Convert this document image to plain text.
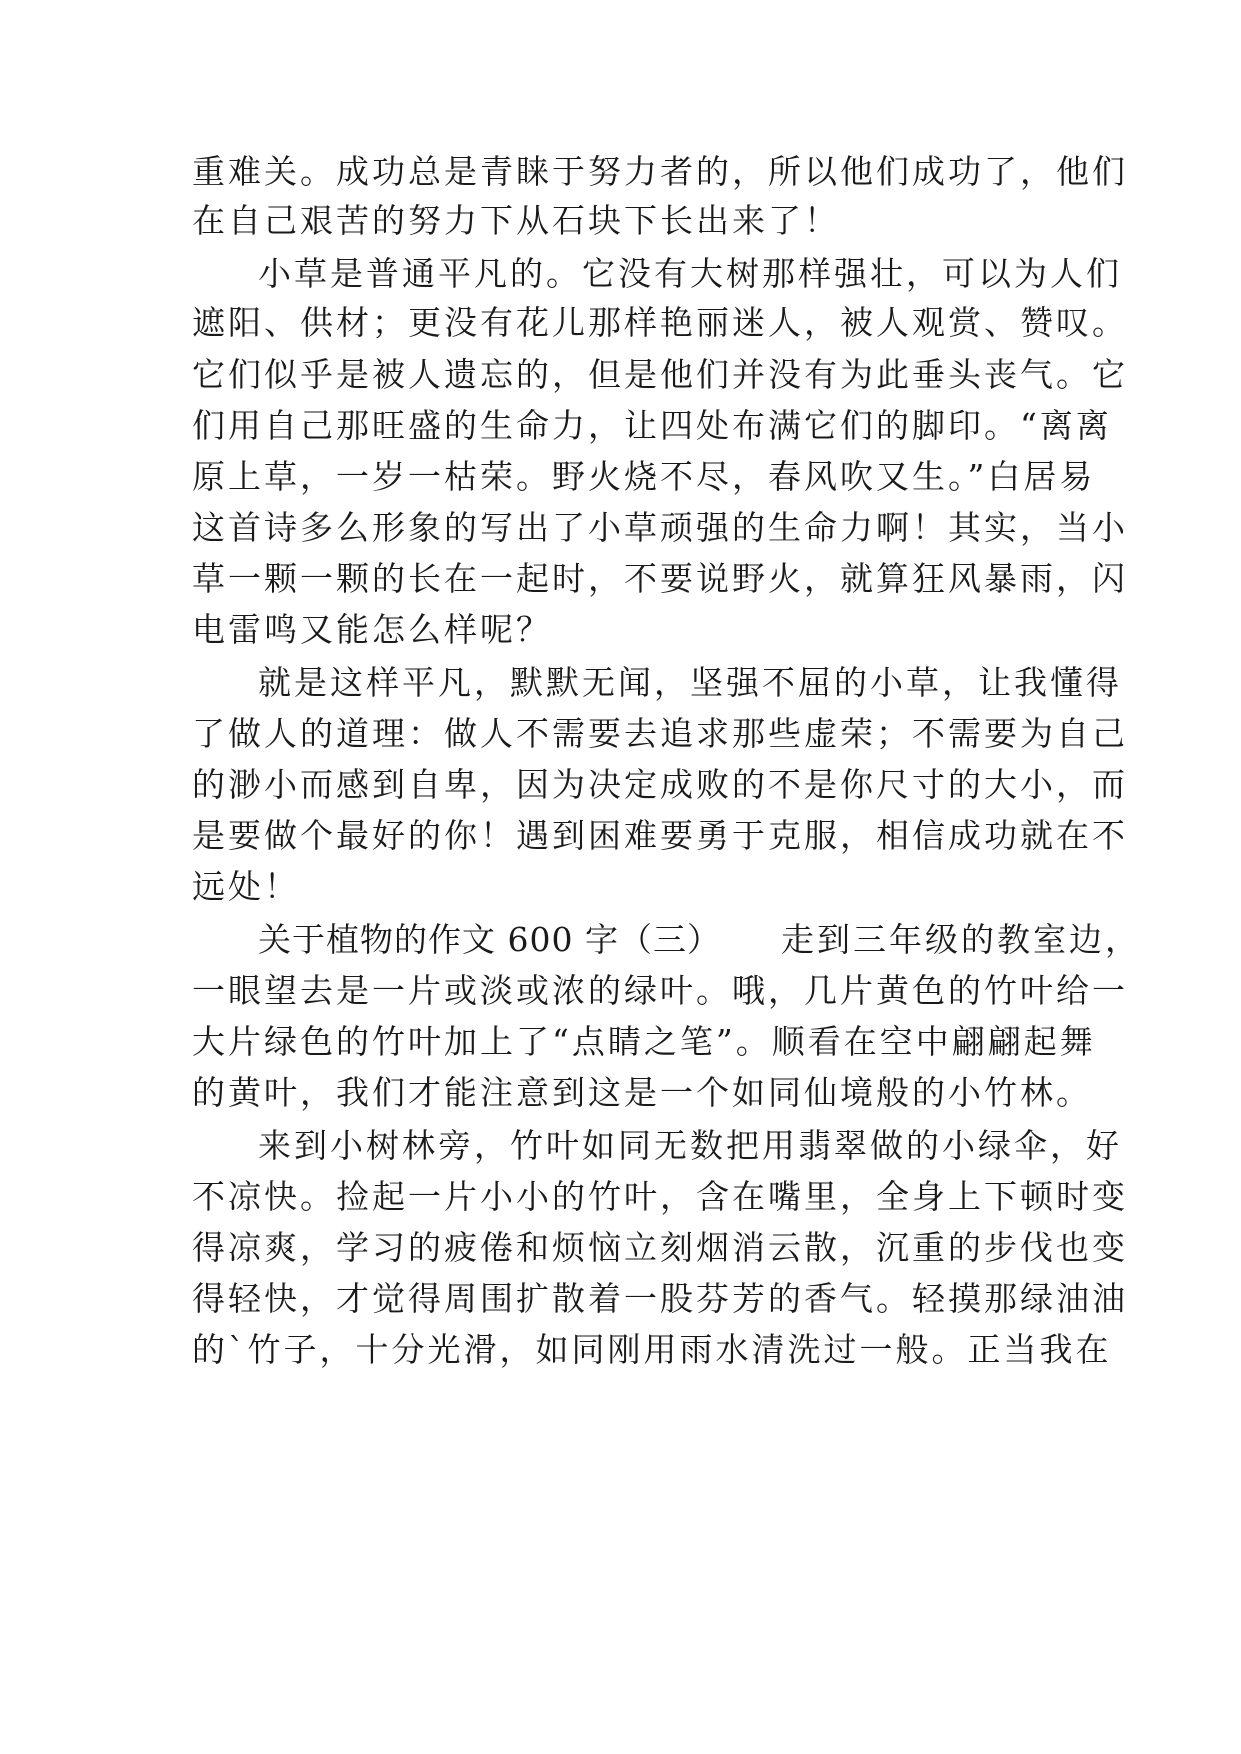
重难关。成功总是青睐于努力者的，所以他们成功了，他们
在自己艰苦的努力下从石块下长出来了！
小草是普通平凡的。它没有大树那样强壮，可以为人们
遮阳、供材；更没有花儿那样艳丽迷人，被人观赏、赞叹。
它们似乎是被人遗忘的，但是他们并没有为此垂头丧气。它
们用自己那旺盛的生命力，让四处布满它们的脚印。“离离
原上草，一岁一枯荣。野火烧不尽，春风吹又生。”白居易
这首诗多么形象的写出了小草顽强的生命力啊！其实，当小
草一颗一颗的长在一起时，不要说野火，就算狂风暴雨，闪
电雷鸣又能怎么样呢？
就是这样平凡，默默无闻，坚强不屈的小草，让我懂得
了做人的道理：做人不需要去追求那些虚荣；不需要为自己
的渺小而感到自卑，因为决定成败的不是你尺寸的大小，而
是要做个最好的你！遇到困难要勇于克服，相信成功就在不
远处！
关于植物的作文 600 字（三） 走到三年级的教室边，
一眼望去是一片或淡或浓的绿叶。哦，几片黄色的竹叶给一
大片绿色的竹叶加上了“点睛之笔”。顺看在空中翩翩起舞
的黄叶，我们才能注意到这是一个如同仙境般的小竹林。
来到小树林旁，竹叶如同无数把用翡翠做的小绿伞，好
不凉快。捡起一片小小的竹叶，含在嘴里，全身上下顿时变
得凉爽，学习的疲倦和烦恼立刻烟消云散，沉重的步伐也变
得轻快，才觉得周围扩散着一股芬芳的香气。轻摸那绿油油
的`竹子，十分光滑，如同刚用雨水清洗过一般。正当我在
